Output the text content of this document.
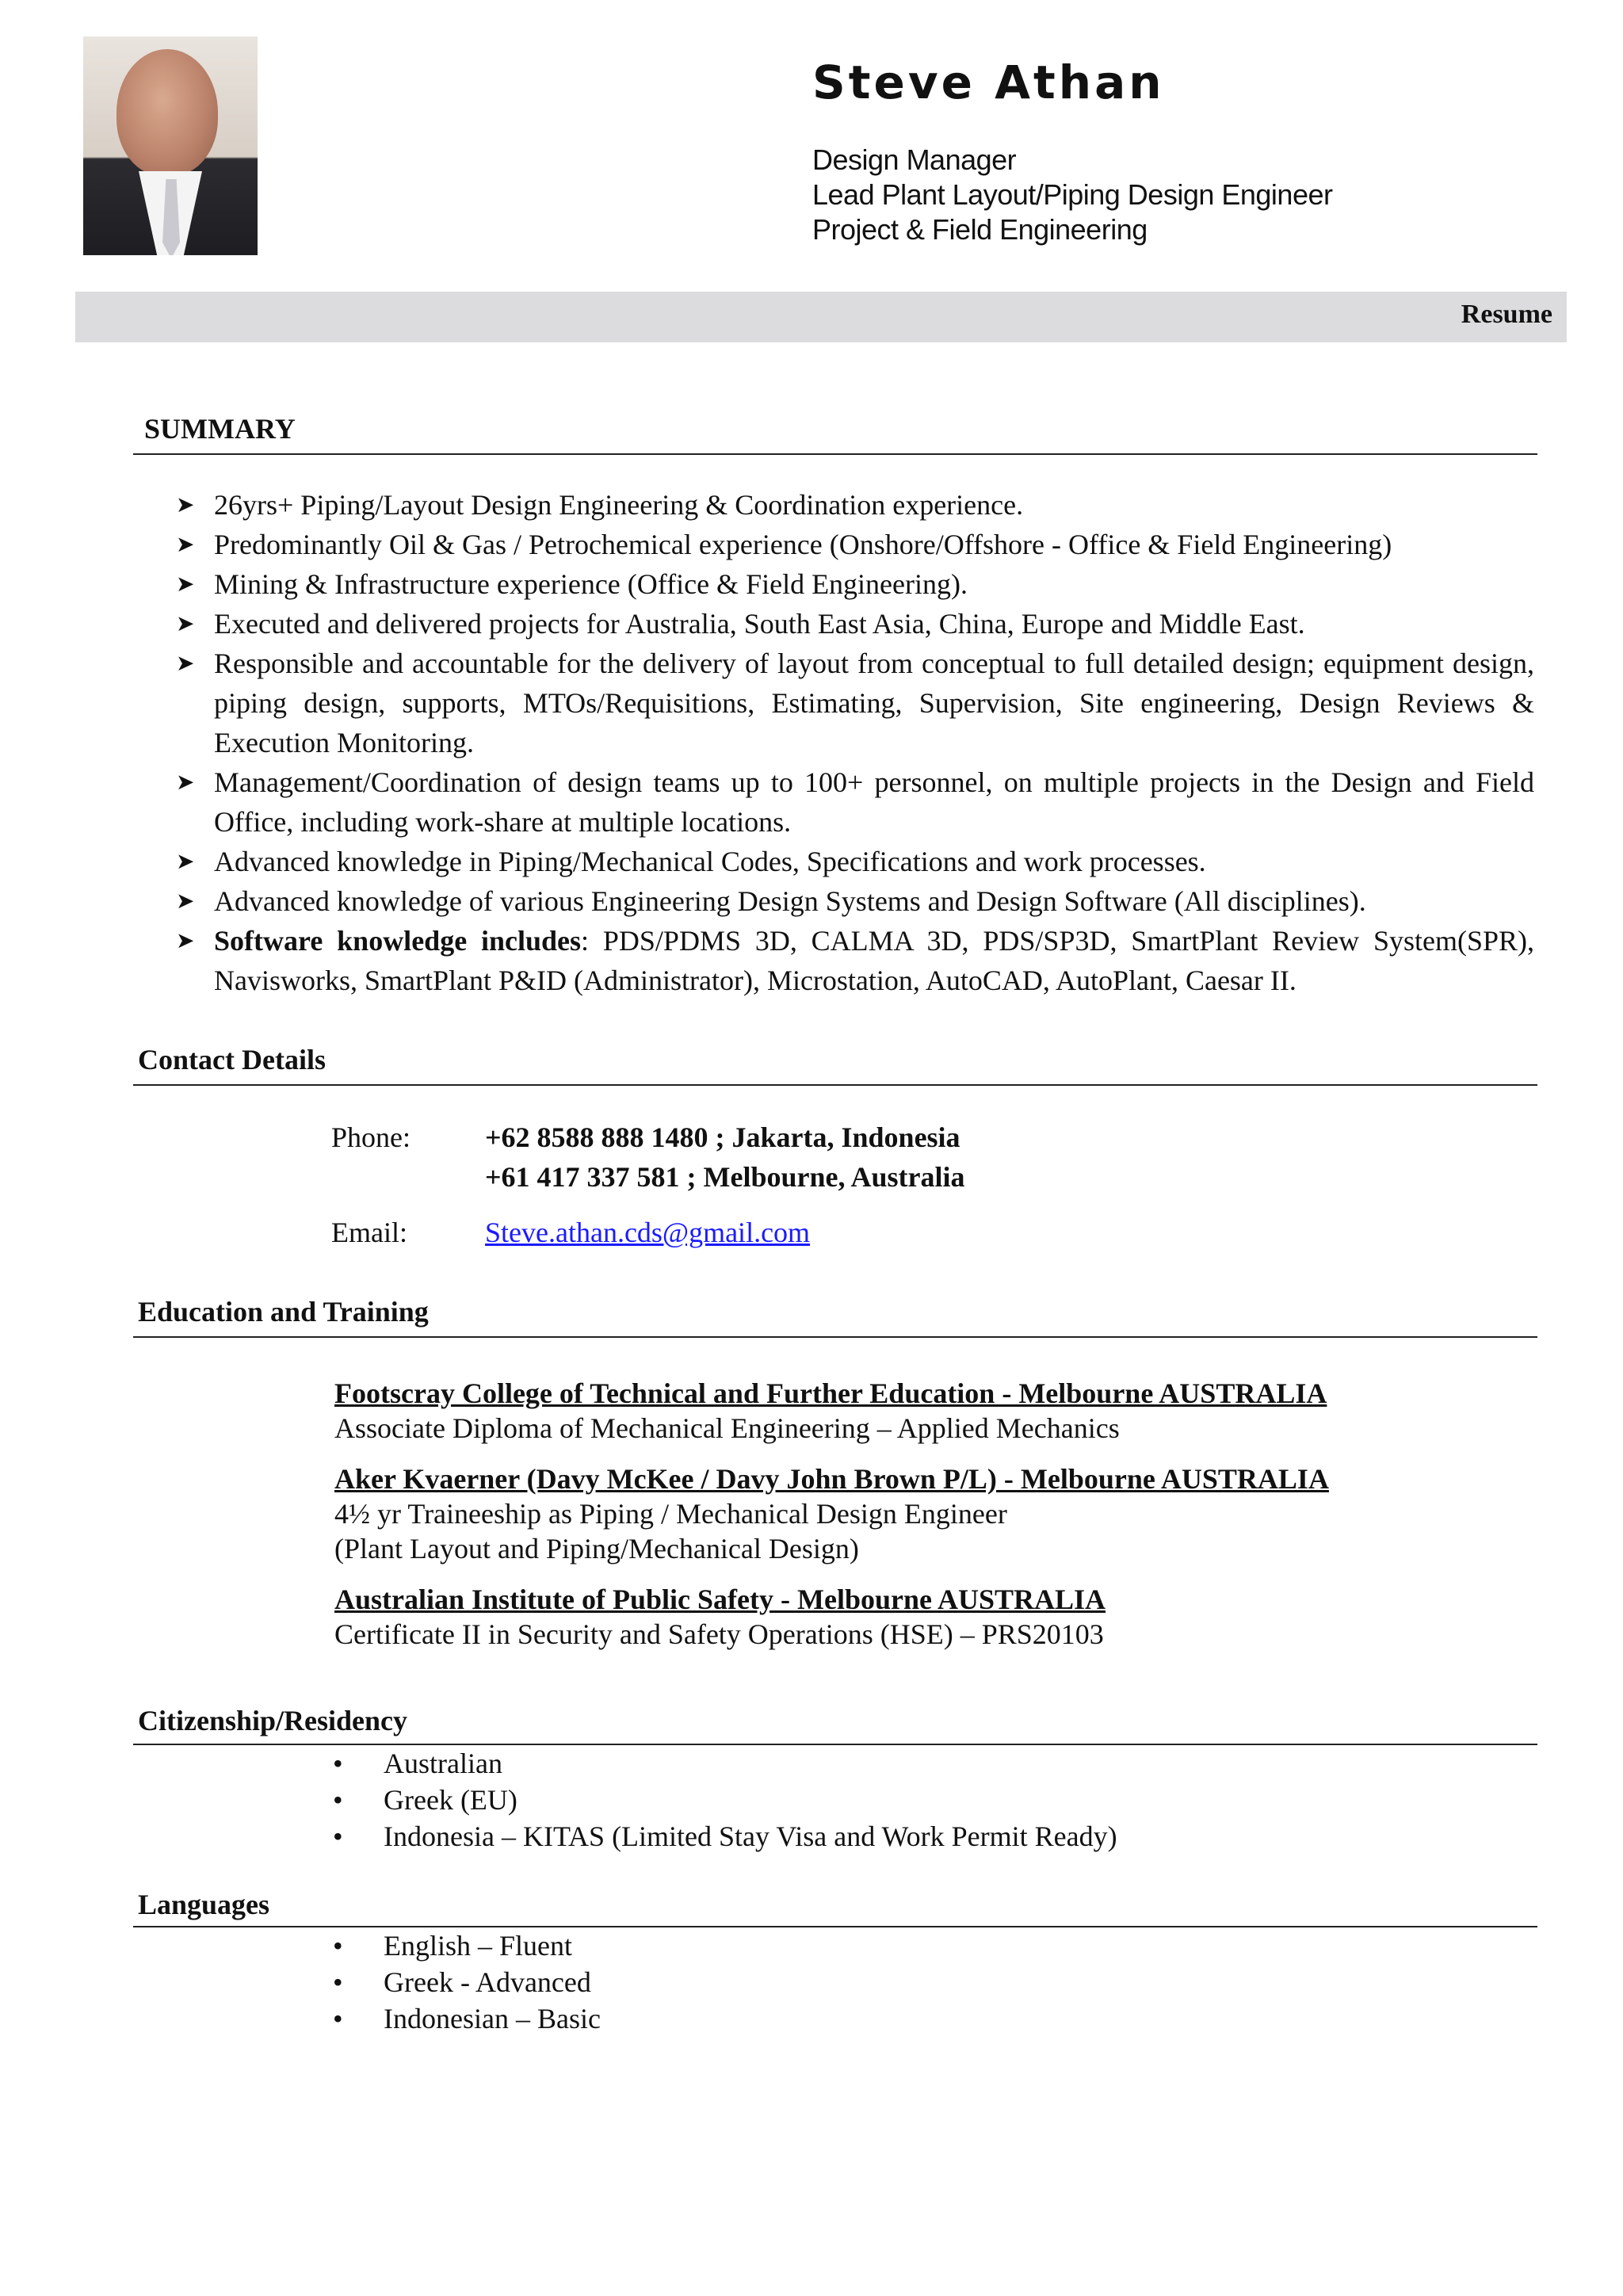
Steve Athan
Design Manager
Lead Plant Layout/Piping Design Engineer
Project & Field Engineering
Resume
SUMMARY
➤ 26yrs+ Piping/Layout Design Engineering & Coordination experience.
➤ Predominantly Oil & Gas / Petrochemical experience (Onshore/Offshore - Office & Field Engineering)
➤ Mining & Infrastructure experience (Office & Field Engineering).
➤ Executed and delivered projects for Australia, South East Asia, China, Europe and Middle East.
➤ Responsible and accountable for the delivery of layout from conceptual to full detailed design; equipment design, piping design, supports, MTOs/Requisitions, Estimating, Supervision, Site engineering, Design Reviews & Execution Monitoring.
➤ Management/Coordination of design teams up to 100+ personnel, on multiple projects in the Design and Field Office, including work-share at multiple locations.
➤ Advanced knowledge in Piping/Mechanical Codes, Specifications and work processes.
➤ Advanced knowledge of various Engineering Design Systems and Design Software (All disciplines).
➤ Software knowledge includes: PDS/PDMS 3D, CALMA 3D, PDS/SP3D, SmartPlant Review System(SPR), Navisworks, SmartPlant P&ID (Administrator), Microstation, AutoCAD, AutoPlant, Caesar II.
Contact Details
Phone:	+62 8588 888 1480 ; Jakarta, Indonesia
+61 417 337 581 ; Melbourne, Australia
Email:	Steve.athan.cds@gmail.com
Education and Training
Footscray College of Technical and Further Education - Melbourne AUSTRALIA
Associate Diploma of Mechanical Engineering – Applied Mechanics
Aker Kvaerner (Davy McKee / Davy John Brown P/L) - Melbourne AUSTRALIA
4½ yr Traineeship as Piping / Mechanical Design Engineer
(Plant Layout and Piping/Mechanical Design)
Australian Institute of Public Safety - Melbourne AUSTRALIA
Certificate II in Security and Safety Operations (HSE) – PRS20103
Citizenship/Residency
• Australian
• Greek (EU)
• Indonesia – KITAS (Limited Stay Visa and Work Permit Ready)
Languages
• English – Fluent
• Greek - Advanced
• Indonesian – Basic
